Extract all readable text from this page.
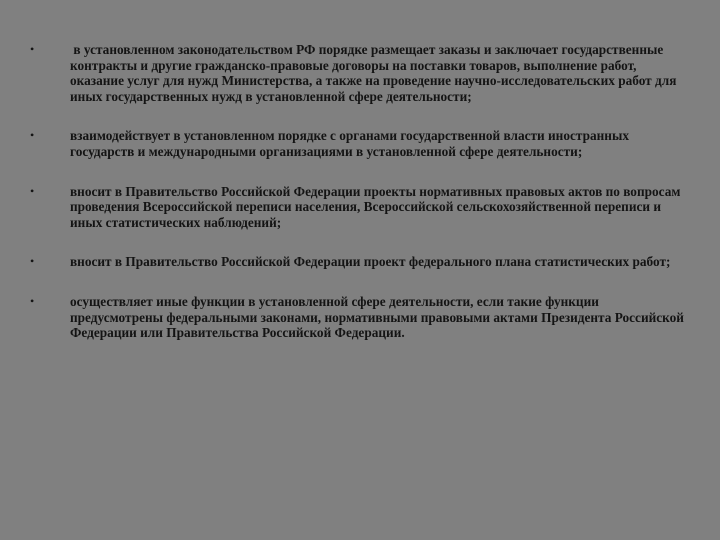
•	в установленном законодательством РФ порядке размещает заказы и заключает государственные контракты и другие гражданско-правовые договоры на поставки товаров, выполнение работ, оказание услуг для нужд Министерства, а также на проведение научно-исследовательских работ для иных государственных нужд в установленной сфере деятельности;
•	взаимодействует в установленном порядке с органами государственной власти иностранных государств и международными организациями в установленной сфере деятельности;
•	вносит в Правительство Российской Федерации проекты нормативных правовых актов по вопросам проведения Всероссийской переписи населения, Всероссийской сельскохозяйственной переписи и иных статистических наблюдений;
•	вносит в Правительство Российской Федерации проект федерального плана статистических работ;
•	осуществляет иные функции в установленной сфере деятельности, если такие функции предусмотрены федеральными законами, нормативными правовыми актами Президента Российской Федерации или Правительства Российской Федерации.
